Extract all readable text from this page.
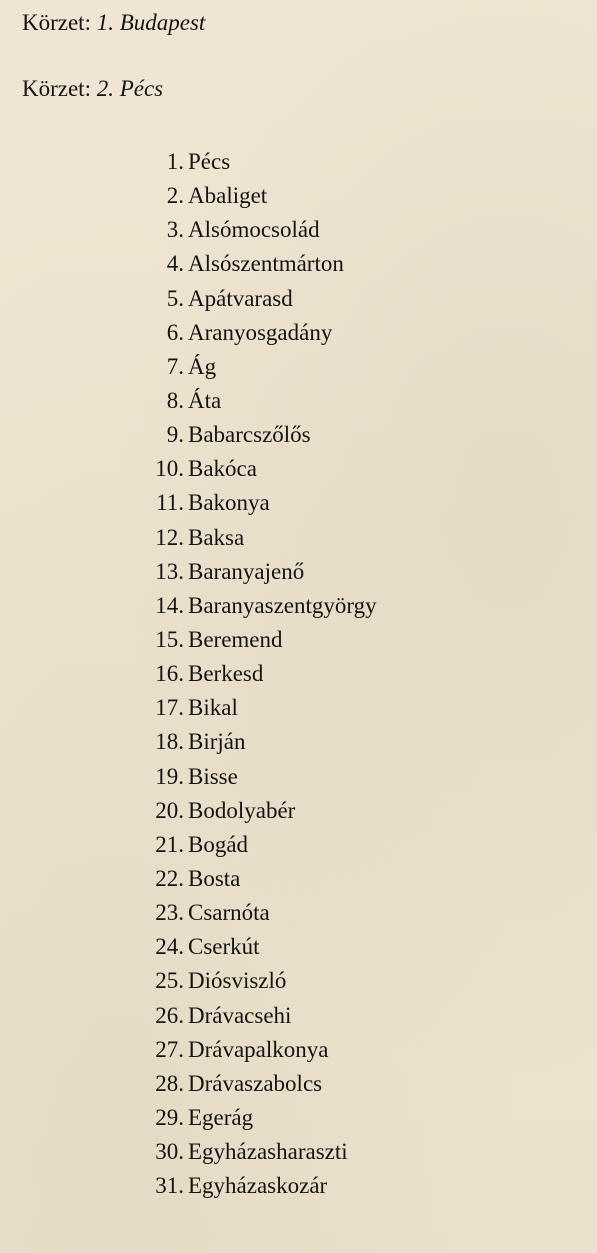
Körzet: 1. Budapest
Körzet: 2. Pécs
1. Pécs
2. Abaliget
3. Alsómocsolád
4. Alsószentmárton
5. Apátvarasd
6. Aranyosgadány
7. Ág
8. Áta
9. Babarcszőlős
10. Bakóca
11. Bakonya
12. Baksa
13. Baranyajenő
14. Baranyaszentgyörgy
15. Beremend
16. Berkesd
17. Bikal
18. Birján
19. Bisse
20. Bodolyabér
21. Bogád
22. Bosta
23. Csarnóta
24. Cserkút
25. Diósviszló
26. Drávacsehi
27. Drávapalkonya
28. Drávaszabolcs
29. Egerág
30. Egyházasharaszti
31. Egyházaskozár
